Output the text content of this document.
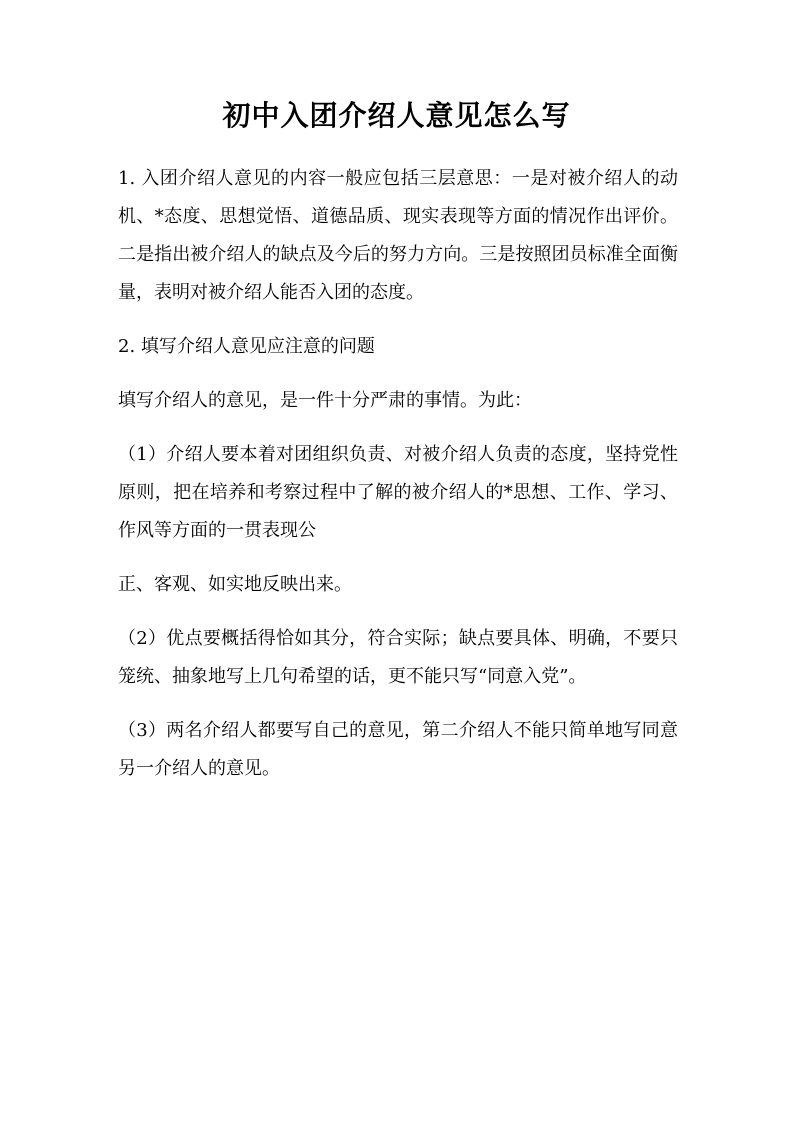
初中入团介绍人意见怎么写

1. 入团介绍人意见的内容一般应包括三层意思：一是对被介绍人的动机、*态度、思想觉悟、道德品质、现实表现等方面的情况作出评价。二是指出被介绍人的缺点及今后的努力方向。三是按照团员标准全面衡量，表明对被介绍人能否入团的态度。

2. 填写介绍人意见应注意的问题

填写介绍人的意见，是一件十分严肃的事情。为此：

（1）介绍人要本着对团组织负责、对被介绍人负责的态度，坚持党性原则，把在培养和考察过程中了解的被介绍人的*思想、工作、学习、作风等方面的一贯表现公

正、客观、如实地反映出来。

（2）优点要概括得恰如其分，符合实际；缺点要具体、明确，不要只笼统、抽象地写上几句希望的话，更不能只写“同意入党”。

（3）两名介绍人都要写自己的意见，第二介绍人不能只简单地写同意另一介绍人的意见。
